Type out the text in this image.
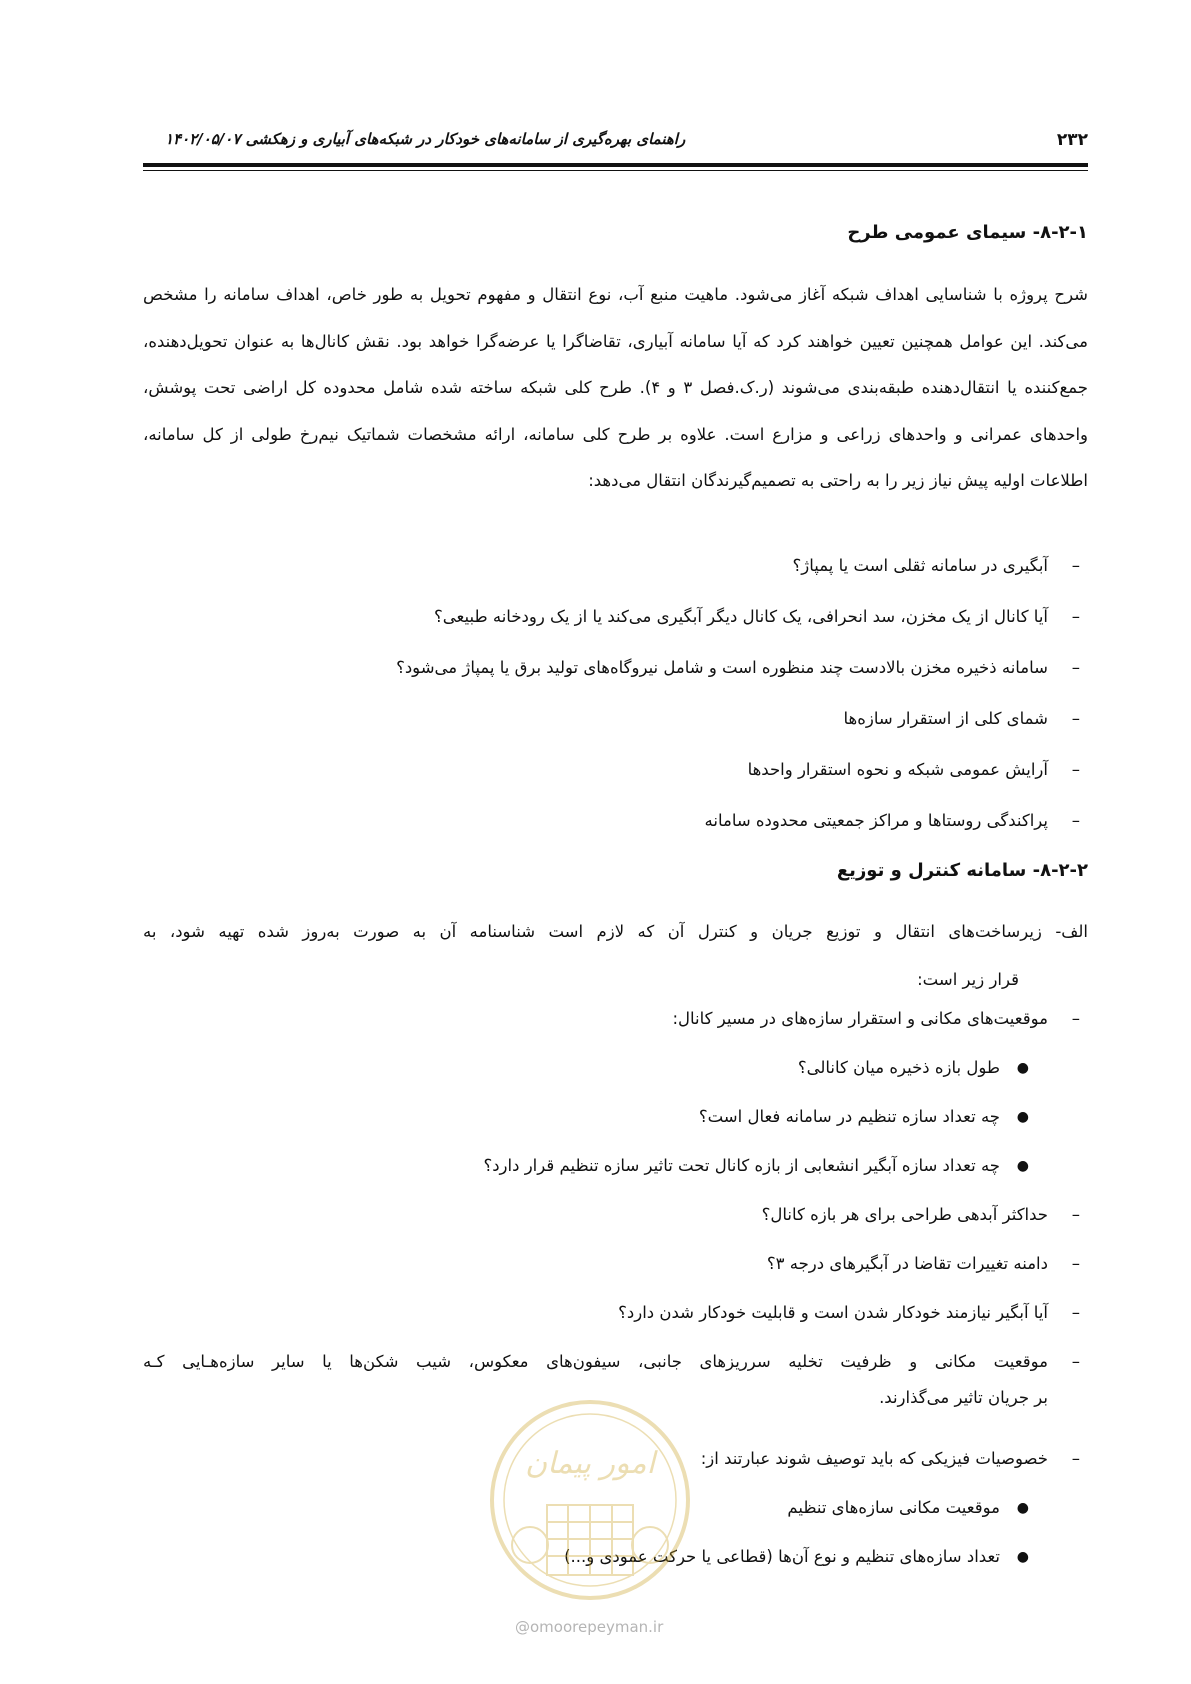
۲۳۲
راهنمای بهره‌گیری از سامانه‌های خودکار در شبکه‌های آبیاری و زهکشی ۱۴۰۲/۰۵/۰۷
۸-۲-۱- سیمای عمومی طرح
شرح پروژه با شناسایی اهداف شبکه آغاز می‌شود. ماهیت منبع آب، نوع انتقال و مفهوم تحویل به طور خاص، اهداف سامانه را مشخص می‌کند. این عوامل همچنین تعیین خواهند کرد که آیا سامانه آبیاری، تقاضاگرا یا عرضه‌گرا خواهد بود. نقش کانال‌ها به عنوان تحویل‌دهنده، جمع‌کننده یا انتقال‌دهنده طبقه‌بندی می‌شوند (ر.ک.فصل ۳ و ۴). طرح کلی شبکه ساخته شده شامل محدوده کل اراضی تحت پوشش، واحدهای عمرانی و واحدهای زراعی و مزارع است. علاوه بر طرح کلی سامانه، ارائه مشخصات شماتیک نیم‌رخ طولی از کل سامانه، اطلاعات اولیه پیش نیاز زیر را به راحتی به تصمیم‌گیرندگان انتقال می‌دهد:
–
آبگیری در سامانه ثقلی است یا پمپاژ؟
–
آیا کانال از یک مخزن، سد انحرافی، یک کانال دیگر آبگیری می‌کند یا از یک رودخانه طبیعی؟
–
سامانه ذخیره مخزن بالادست چند منظوره است و شامل نیروگاه‌های تولید برق یا پمپاژ می‌شود؟
–
شمای کلی از استقرار سازه‌ها
–
آرایش عمومی شبکه و نحوه استقرار واحدها
–
پراکندگی روستاها و مراکز جمعیتی محدوده سامانه
۸-۲-۲- سامانه کنترل و توزیع
الف- زیرساخت‌های انتقال و توزیع جریان و کنترل آن که لازم است شناسنامه آن به صورت به‌روز شده تهیه شود، به
قرار زیر است:
–
موقعیت‌های مکانی و استقرار سازه‌های در مسیر کانال:
●
طول بازه ذخیره میان کانالی؟
●
چه تعداد سازه تنظیم در سامانه فعال است؟
●
چه تعداد سازه آبگیر انشعابی از بازه کانال تحت تاثیر سازه تنظیم قرار دارد؟
–
حداکثر آبدهی طراحی برای هر بازه کانال؟
–
دامنه تغییرات تقاضا در آبگیرهای درجه ۳؟
–
آیا آبگیر نیازمند خودکار شدن است و قابلیت خودکار شدن دارد؟
–
موقعیت مکانی و ظرفیت تخلیه سرریزهای جانبی، سیفون‌های معکوس، شیب شکن‌ها یا سایر سازه‌هـایی کـه
بر جریان تاثیر می‌گذارند.
–
خصوصیات فیزیکی که باید توصیف شوند عبارتند از:
●
موقعیت مکانی سازه‌های تنظیم
●
تعداد سازه‌های تنظیم و نوع آن‌ها (قطاعی یا حرکت عمودی و...)
امور پیمان
@omoorepeyman.ir
